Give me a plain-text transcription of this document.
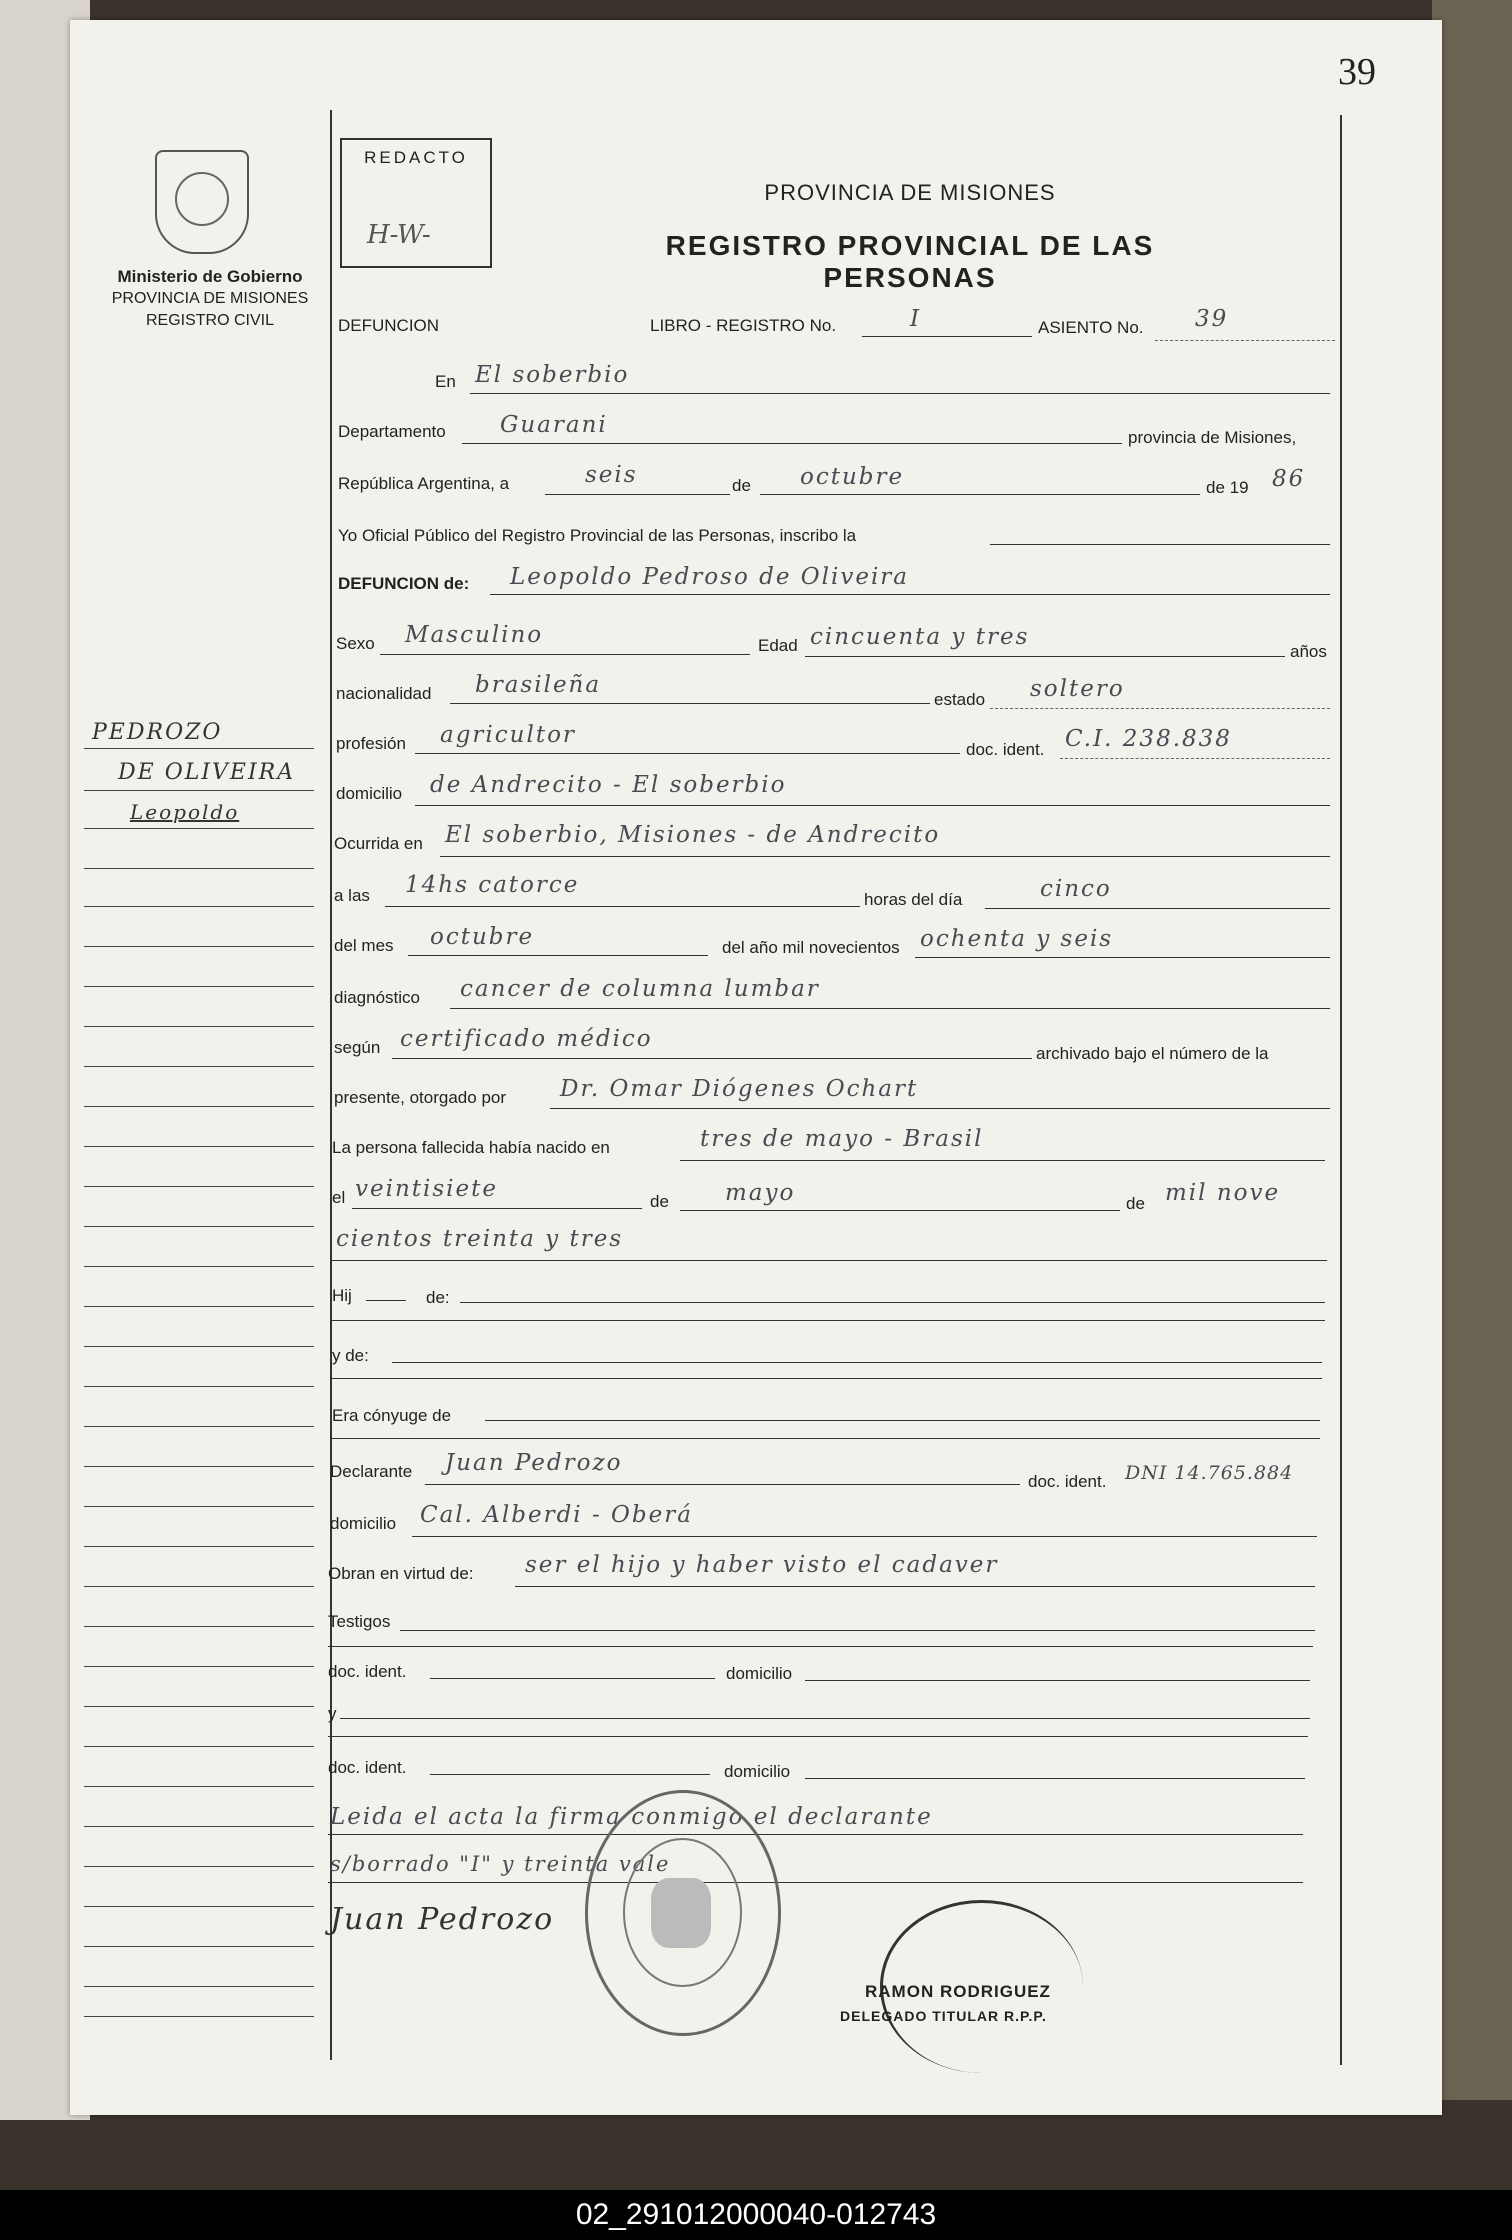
39
Ministerio de Gobierno
PROVINCIA DE MISIONES
REGISTRO CIVIL
REDACTO
H-W-
PROVINCIA DE MISIONES
REGISTRO PROVINCIAL DE LAS PERSONAS
DEFUNCION	LIBRO - REGISTRO No.	I	ASIENTO No. 39
En El soberbio
Departamento Guarani	provincia de Misiones,
República Argentina, a	seis	de octubre	de 19 86
Yo Oficial Público del Registro Provincial de las Personas, inscribo la
DEFUNCION de: Leopoldo Pedroso de Oliveira
Sexo Masculino	Edad cincuenta y tres
años
nacionalidad brasileña
estado soltero
profesión agricultor
doc. ident. C.I. 238.838
domicilio de Andrecito - El soberbio
Ocurrida en El soberbio, Misiones - de Andrecito
a las 14hs catorce
horas del día	cinco
del mes octubre	del año mil novecientos ochenta y seis
diagnóstico cancer de columna lumbar
según certificado médico
archivado bajo el número de la
presente, otorgado por Dr. Omar Diógenes Ochart
La persona fallecida había nacido en	tres de mayo - Brasil
el veintisiete	de mayo	de mil nove
cientos treinta y tres
Hij	de:
y de:
Era cónyuge de
Declarante Juan Pedrozo
doc. ident. DNI 14.765.884
domicilio Cal. Alberdi - Oberá
Obran en virtud de: ser el hijo y haber visto el cadaver
Testigos
doc. ident.	domicilio
y
doc. ident.	domicilio
Leida el acta la firma conmigo el declarante
s/borrado "I" y treinta vale
Juan Pedrozo
RAMON RODRIGUEZ
DELEGADO TITULAR R.P.P.
PEDROZO
DE OLIVEIRA
Leopoldo
02_291012000040-012743
